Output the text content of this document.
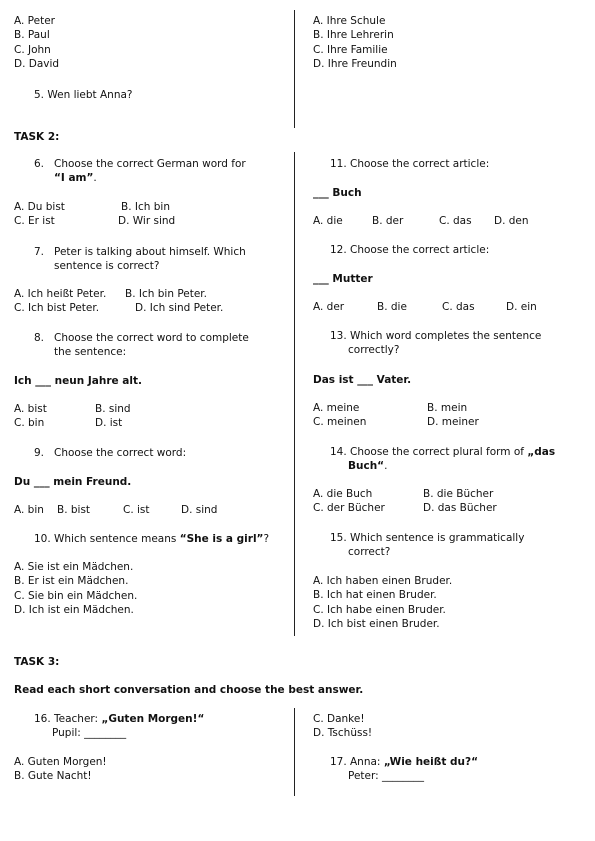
A. Peter
B. Paul
C. John
D. David
5. Wen liebt Anna?
A. Ihre Schule
B. Ihre Lehrerin
C. Ihre Familie
D. Ihre Freundin
TASK 2:
6. Choose the correct German word for
“I am”.
A. Du bist	B. Ich bin
C. Er ist	D. Wir sind
7. Peter is talking about himself. Which
sentence is correct?
A. Ich heißt Peter. B. Ich bin Peter.
C. Ich bist Peter.	D. Ich sind Peter.
8. Choose the correct word to complete
the sentence:
Ich ___ neun Jahre alt.
A. bist	B. sind
C. bin	D. ist
9. Choose the correct word:
Du ___ mein Freund.
A. bin B. bist	C. ist	D. sind
10. Which sentence means “She is a girl”?
A. Sie ist ein Mädchen.
B. Er ist ein Mädchen.
C. Sie bin ein Mädchen.
D. Ich ist ein Mädchen.
11. Choose the correct article:
___ Buch
A. die	B. der	C. das D. den
12. Choose the correct article:
___ Mutter
A. der	B. die	C. das	D. ein
13. Which word completes the sentence
correctly?
Das ist ___ Vater.
A. meine	B. mein
C. meinen	D. meiner
14. Choose the correct plural form of „das
Buch“.
A. die Buch	B. die Bücher
C. der Bücher	D. das Bücher
15. Which sentence is grammatically
correct?
A. Ich haben einen Bruder.
B. Ich hat einen Bruder.
C. Ich habe einen Bruder.
D. Ich bist einen Bruder.
TASK 3:
Read each short conversation and choose the best answer.
16. Teacher: „Guten Morgen!“
Pupil: ________
A. Guten Morgen!
B. Gute Nacht!
C. Danke!
D. Tschüss!
17. Anna: „Wie heißt du?“
Peter: ________
